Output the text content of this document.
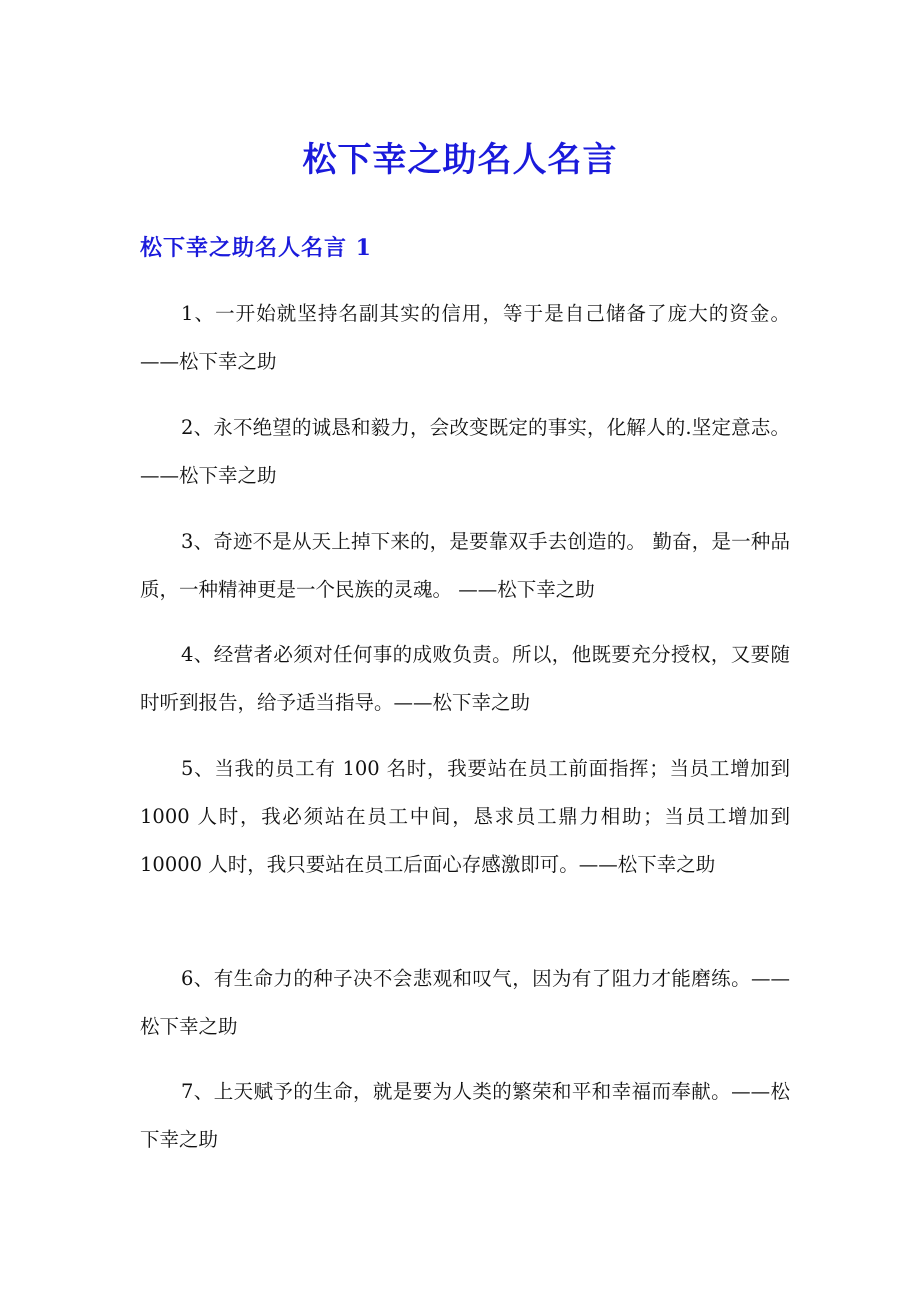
松下幸之助名人名言
松下幸之助名人名言 1

1、一开始就坚持名副其实的信用，等于是自己储备了庞大的资金。——松下幸之助

2、永不绝望的诚恳和毅力，会改变既定的事实，化解人的.坚定意志。——松下幸之助

3、奇迹不是从天上掉下来的，是要靠双手去创造的。 勤奋，是一种品质，一种精神更是一个民族的灵魂。 ——松下幸之助

4、经营者必须对任何事的成败负责。所以，他既要充分授权，又要随时听到报告，给予适当指导。——松下幸之助

5、当我的员工有 100 名时，我要站在员工前面指挥；当员工增加到 1000 人时，我必须站在员工中间，恳求员工鼎力相助；当员工增加到 10000 人时，我只要站在员工后面心存感激即可。——松下幸之助

6、有生命力的种子决不会悲观和叹气，因为有了阻力才能磨练。——松下幸之助

7、上天赋予的生命，就是要为人类的繁荣和平和幸福而奉献。——松下幸之助
